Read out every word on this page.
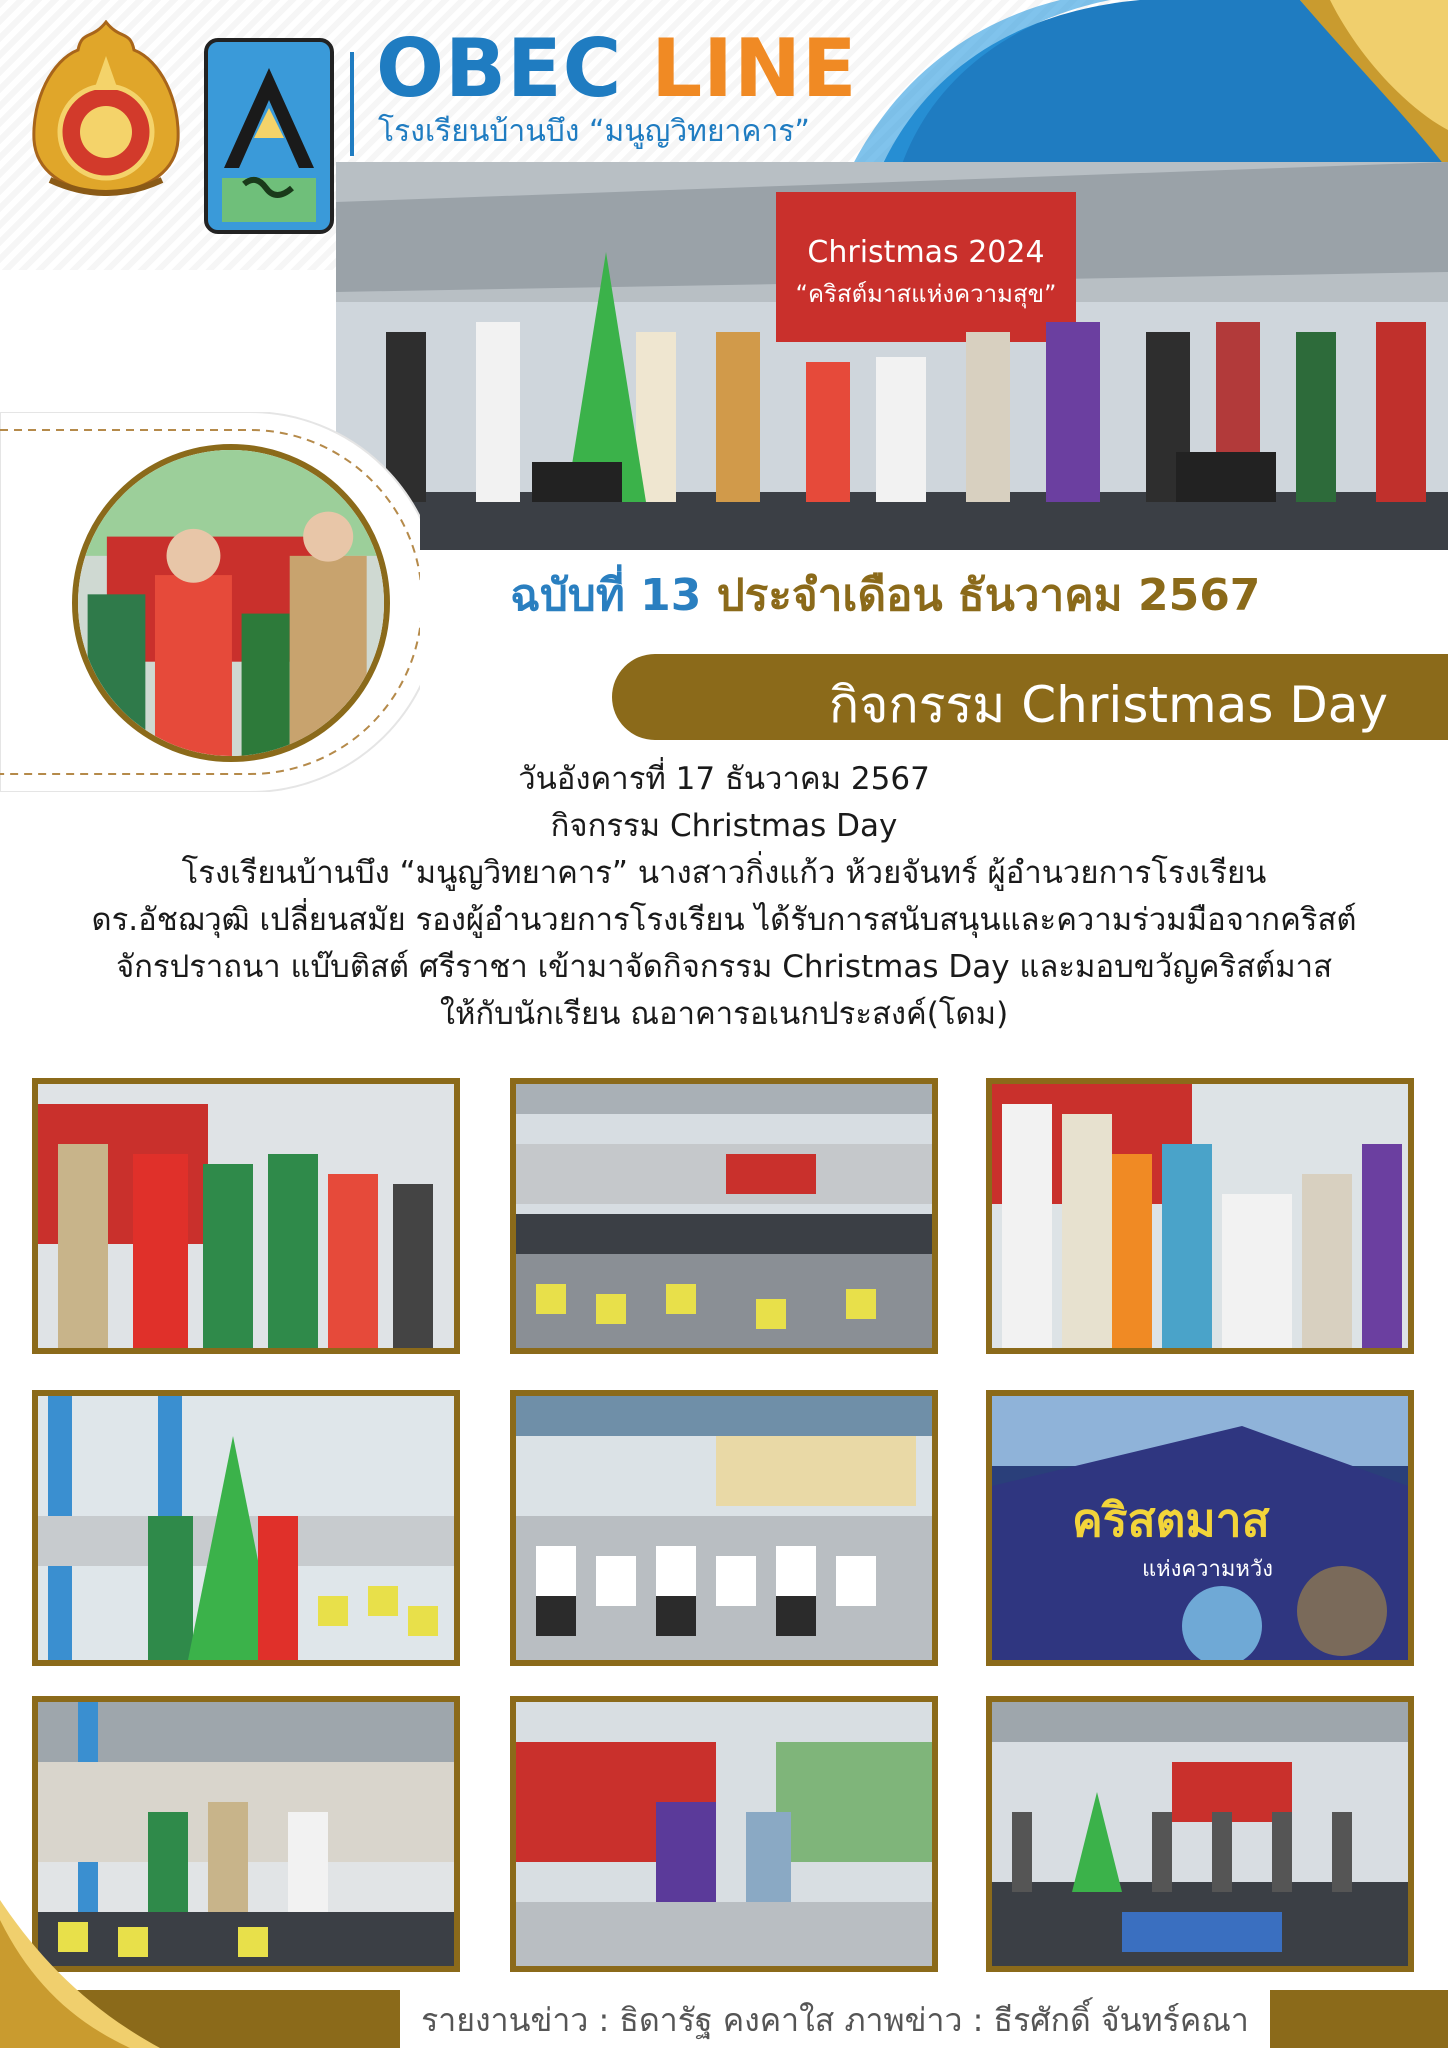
OBEC LINE
โรงเรียนบ้านบึง “มนูญวิทยาคาร”
Christmas 2024
“คริสต์มาสแห่งความสุข”
ฉบับที่ 13 ประจำเดือน ธันวาคม 2567
กิจกรรม Christmas Day
วันอังคารที่ 17 ธันวาคม 2567
กิจกรรม Christmas Day
โรงเรียนบ้านบึง “มนูญวิทยาคาร” นางสาวกิ่งแก้ว ห้วยจันทร์ ผู้อำนวยการโรงเรียน
ดร.อัชฌวุฒิ เปลี่ยนสมัย รองผู้อำนวยการโรงเรียน ได้รับการสนับสนุนและความร่วมมือจากคริสต์
จักรปราถนา แบ๊บติสต์ ศรีราชา เข้ามาจัดกิจกรรม Christmas Day และมอบขวัญคริสต์มาส
ให้กับนักเรียน ณอาคารอเนกประสงค์(โดม)
คริสตมาส
แห่งความหวัง
รายงานข่าว : ธิดารัฐ คงคาใส ภาพข่าว : ธีรศักดิ์ จันทร์คณา
